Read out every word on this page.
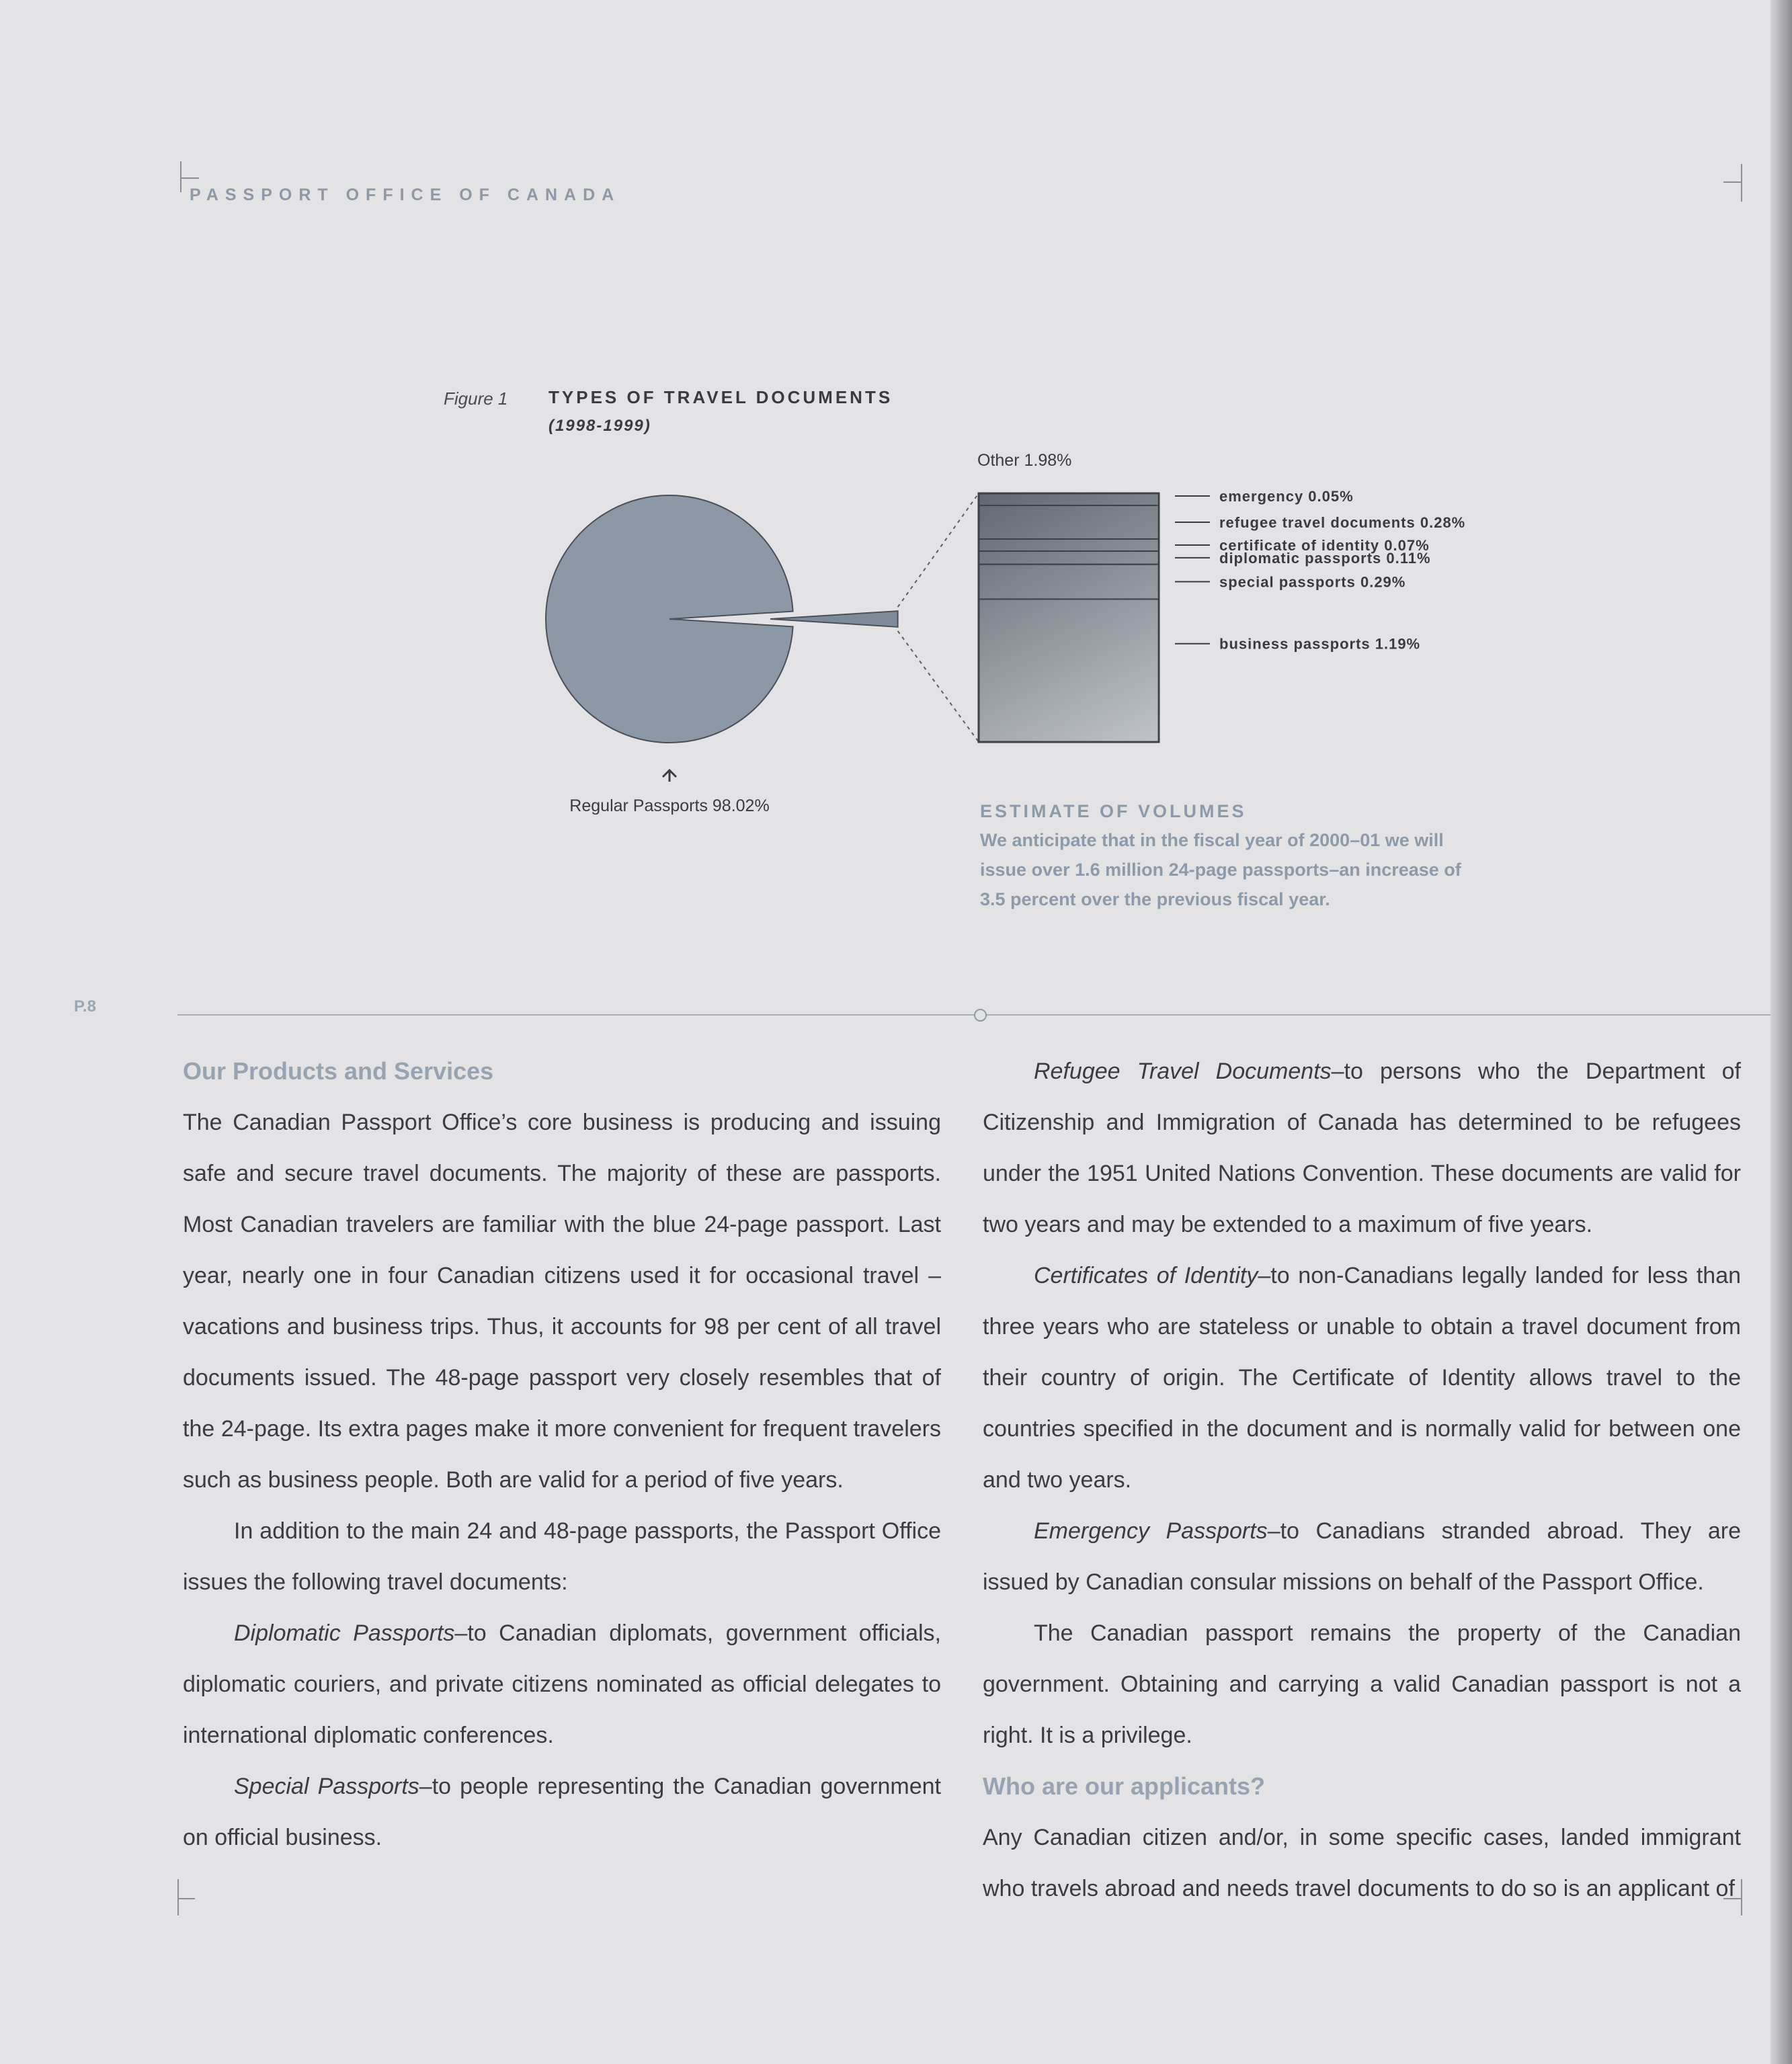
PASSPORT OFFICE OF CANADA
Figure 1 TYPES OF TRAVEL DOCUMENTS
(1998-1999)
Regular Passports 98.02%
Other 1.98%
emergency 0.05%
refugee travel documents 0.28%
certificate of identity 0.07%
diplomatic passports 0.11%
special passports 0.29%
business passports 1.19%
ESTIMATE OF VOLUMES
We anticipate that in the fiscal year of 2000–01 we will issue over 1.6 million 24-page passports–an increase of 3.5 percent over the previous fiscal year.
P.8
Our Products and Services

The Canadian Passport Office’s core business is producing and issuing safe and secure travel documents. The majority of these are passports. Most Canadian travelers are familiar with the blue 24-page passport. Last year, nearly one in four Canadian citizens used it for occasional travel – vacations and business trips. Thus, it accounts for 98 per cent of all travel documents issued. The 48-page passport very closely resembles that of the 24-page. Its extra pages make it more convenient for frequent travelers such as business people. Both are valid for a period of five years.

In addition to the main 24 and 48-page passports, the Passport Office issues the following travel documents:

Diplomatic Passports–to Canadian diplomats, government officials, diplomatic couriers, and private citizens nominated as official delegates to international diplomatic conferences.

Special Passports–to people representing the Canadian government on official business.

Refugee Travel Documents–to persons who the Department of Citizenship and Immigration of Canada has determined to be refugees under the 1951 United Nations Convention. These documents are valid for two years and may be extended to a maximum of five years.

Certificates of Identity–to non-Canadians legally landed for less than three years who are stateless or unable to obtain a travel document from their country of origin. The Certificate of Identity allows travel to the countries specified in the document and is normally valid for between one and two years.

Emergency Passports–to Canadians stranded abroad. They are issued by Canadian consular missions on behalf of the Passport Office.

The Canadian passport remains the property of the Canadian government. Obtaining and carrying a valid Canadian passport is not a right. It is a privilege.

Who are our applicants?

Any Canadian citizen and/or, in some specific cases, landed immigrant who travels abroad and needs travel documents to do so is an applicant of
